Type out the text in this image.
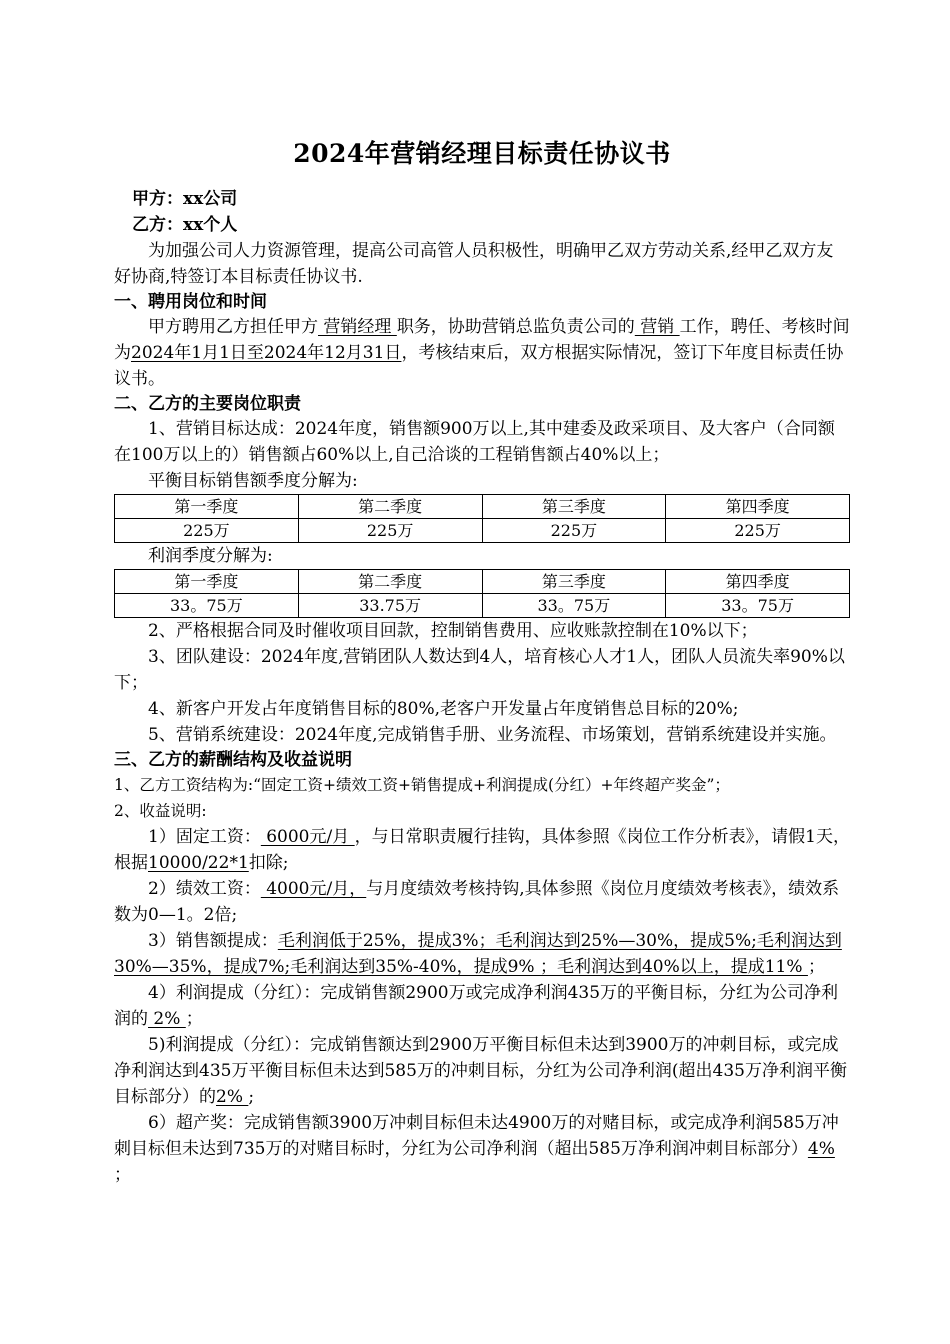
2024年营销经理目标责任协议书

甲方：xx公司

乙方：xx个人

为加强公司人力资源管理，提高公司高管人员积极性，明确甲乙双方劳动关系,经甲乙双方友好协商,特签订本目标责任协议书.

一、聘用岗位和时间

甲方聘用乙方担任甲方 营销经理 职务，协助营销总监负责公司的 营销 工作，聘任、考核时间为2024年1月1日至2024年12月31日，考核结束后，双方根据实际情况，签订下年度目标责任协议书。

二、乙方的主要岗位职责

1、营销目标达成：2024年度，销售额900万以上,其中建委及政采项目、及大客户（合同额在100万以上的）销售额占60%以上,自己洽谈的工程销售额占40%以上；

平衡目标销售额季度分解为:

第一季度	第二季度	第三季度	第四季度
225万	225万	225万	225万

利润季度分解为:

第一季度	第二季度	第三季度	第四季度
33。75万	33.75万	33。75万	33。75万

2、严格根据合同及时催收项目回款，控制销售费用、应收账款控制在10%以下；

3、团队建设：2024年度,营销团队人数达到4人，培育核心人才1人，团队人员流失率90%以下；

4、新客户开发占年度销售目标的80%,老客户开发量占年度销售总目标的20%;

5、营销系统建设：2024年度,完成销售手册、业务流程、市场策划，营销系统建设并实施。

三、乙方的薪酬结构及收益说明

1、乙方工资结构为:“固定工资+绩效工资+销售提成+利润提成(分红）+年终超产奖金”；

2、收益说明:

1）固定工资： 6000元/月 ，与日常职责履行挂钩，具体参照《岗位工作分析表》，请假1天，根据10000/22*1扣除;

2）绩效工资： 4000元/月，与月度绩效考核持钩,具体参照《岗位月度绩效考核表》，绩效系数为0—1。2倍;

3）销售额提成：毛利润低于25%，提成3%；毛利润达到25%—30%，提成5%;毛利润达到30%—35%，提成7%;毛利润达到35%-40%，提成9% ；毛利润达到40%以上，提成11% ；

4）利润提成（分红）：完成销售额2900万或完成净利润435万的平衡目标，分红为公司净利润的 2% ；

5)利润提成（分红）：完成销售额达到2900万平衡目标但未达到3900万的冲刺目标，或完成净利润达到435万平衡目标但未达到585万的冲刺目标，分红为公司净利润(超出435万净利润平衡目标部分）的2% ;

6）超产奖：完成销售额3900万冲刺目标但未达4900万的对赌目标，或完成净利润585万冲刺目标但未达到735万的对赌目标时，分红为公司净利润（超出585万净利润冲刺目标部分）4% ；
